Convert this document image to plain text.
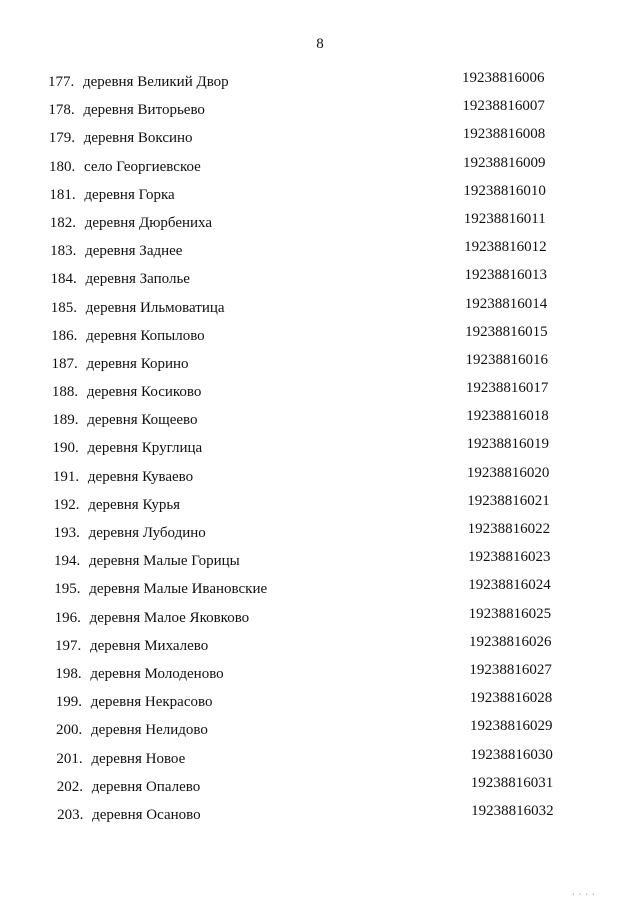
8
177. деревня Великий Двор	19238816006
178. деревня Виторьево	19238816007
179. деревня Воксино	19238816008
180. село Георгиевское	19238816009
181. деревня Горка	19238816010
182. деревня Дюрбениха	19238816011
183. деревня Заднее	19238816012
184. деревня Заполье	19238816013
185. деревня Ильмоватица	19238816014
186. деревня Копылово	19238816015
187. деревня Корино	19238816016
188. деревня Косиково	19238816017
189. деревня Кощеево	19238816018
190. деревня Круглица	19238816019
191. деревня Куваево	19238816020
192. деревня Курья	19238816021
193. деревня Лубодино	19238816022
194. деревня Малые Горицы	19238816023
195. деревня Малые Ивановские	19238816024
196. деревня Малое Яковково	19238816025
197. деревня Михалево	19238816026
198. деревня Молоденово	19238816027
199. деревня Некрасово	19238816028
200. деревня Нелидово	19238816029
201. деревня Новое	19238816030
202. деревня Опалево	19238816031
203. деревня Осаново	19238816032
· · · ·
